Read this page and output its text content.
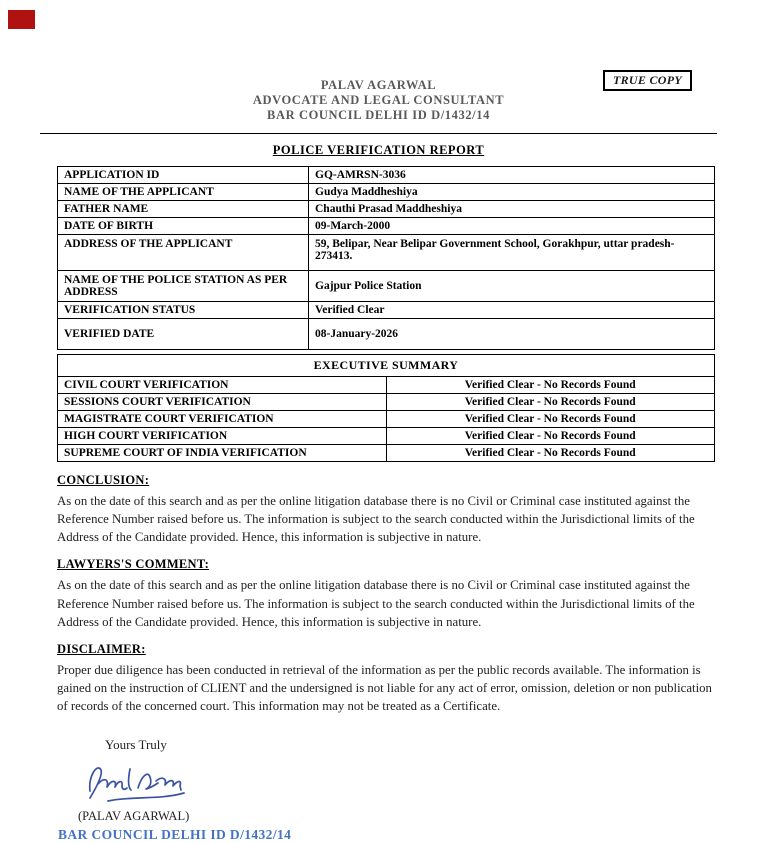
TRUE COPY
PALAV AGARWAL
ADVOCATE AND LEGAL CONSULTANT
BAR COUNCIL DELHI ID D/1432/14
POLICE VERIFICATION REPORT
APPLICATION ID	GQ-AMRSN-3036
NAME OF THE APPLICANT	Gudya Maddheshiya
FATHER NAME	Chauthi Prasad Maddheshiya
DATE OF BIRTH	09-March-2000
ADDRESS OF THE APPLICANT	59, Belipar, Near Belipar Government School, Gorakhpur, uttar pradesh-273413.
NAME OF THE POLICE STATION AS PER ADDRESS	Gajpur Police Station
VERIFICATION STATUS	Verified Clear
VERIFIED DATE	08-January-2026
EXECUTIVE SUMMARY	
CIVIL COURT VERIFICATION	Verified Clear - No Records Found
SESSIONS COURT VERIFICATION	Verified Clear - No Records Found
MAGISTRATE COURT VERIFICATION	Verified Clear - No Records Found
HIGH COURT VERIFICATION	Verified Clear - No Records Found
SUPREME COURT OF INDIA VERIFICATION	Verified Clear - No Records Found
CONCLUSION:
As on the date of this search and as per the online litigation database there is no Civil or Criminal case instituted against the Reference Number raised before us. The information is subject to the search conducted within the Jurisdictional limits of the Address of the Candidate provided. Hence, this information is subjective in nature.
LAWYERS'S COMMENT:
As on the date of this search and as per the online litigation database there is no Civil or Criminal case instituted against the Reference Number raised before us. The information is subject to the search conducted within the Jurisdictional limits of the Address of the Candidate provided. Hence, this information is subjective in nature.
DISCLAIMER:
Proper due diligence has been conducted in retrieval of the information as per the public records available. The information is gained on the instruction of CLIENT and the undersigned is not liable for any act of error, omission, deletion or non publication of records of the concerned court. This information may not be treated as a Certificate.
Yours Truly
(PALAV AGARWAL)
BAR COUNCIL DELHI ID D/1432/14
